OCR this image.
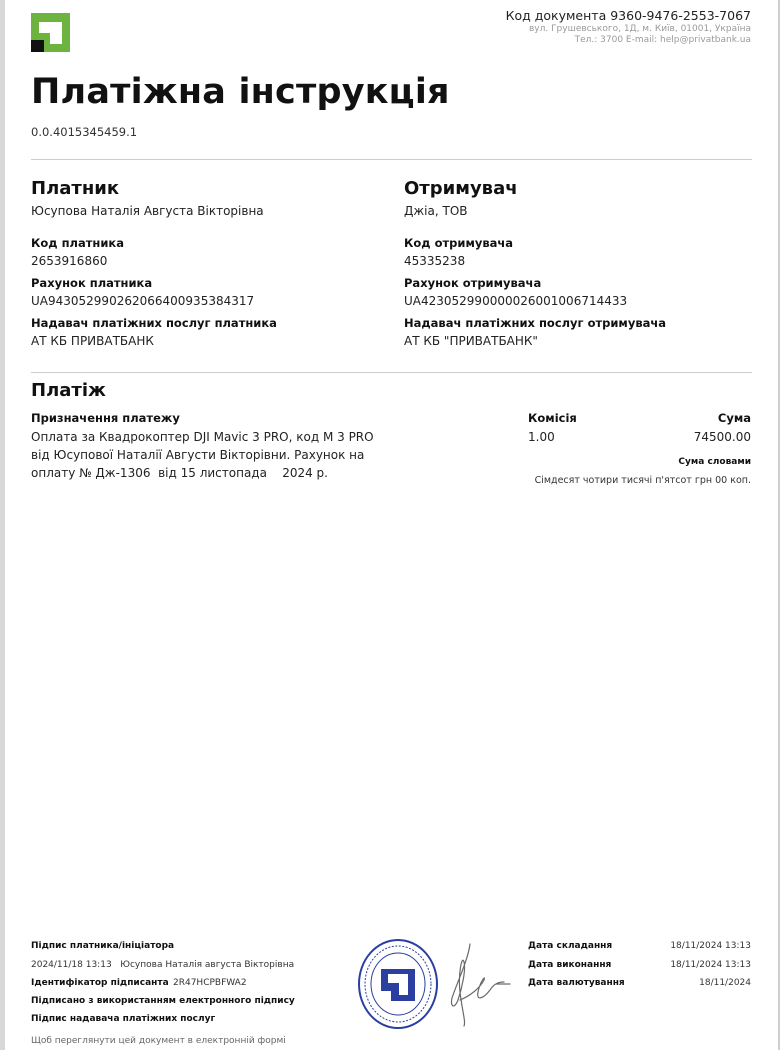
Код документа 9360-9476-2553-7067
вул. Грушевського, 1Д, м. Київ, 01001, Україна
Тел.: 3700 E-mail: help@privatbank.ua
Платіжна інструкція
0.0.4015345459.1
Платник
Юсупова Наталія Августа Вікторівна
Код платника
2653916860
Рахунок платника
UA943052990262066400935384317
Надавач платіжних послуг платника
АТ КБ ПРИВАТБАНК
Отримувач
Джіа, ТОВ
Код отримувача
45335238
Рахунок отримувача
UA423052990000026001006714433
Надавач платіжних послуг отримувача
АТ КБ "ПРИВАТБАНК"
Платіж
Призначення платежу
Оплата за Квадрокоптер DJI Mavic 3 PRO, код M 3 PRO від Юсупової Наталії Августи Вікторівни. Рахунок на оплату № Дж-1306  від 15 листопада    2024 р.
Комісія
1.00
Сума
74500.00
Сума словами
Сімдесят чотири тисячі п'ятсот грн 00 коп.
Підпис платника/ініціатора
2024/11/18 13:13   Юсупова Наталія августа Вікторівна
Ідентифікатор підписанта 2R47HCPBFWA2
Підписано з використанням електронного підпису
Підпис надавача платіжних послуг
Щоб переглянути цей документ в електронній формі
Дата складання	18/11/2024 13:13
Дата виконання	18/11/2024 13:13
Дата валютування	18/11/2024
